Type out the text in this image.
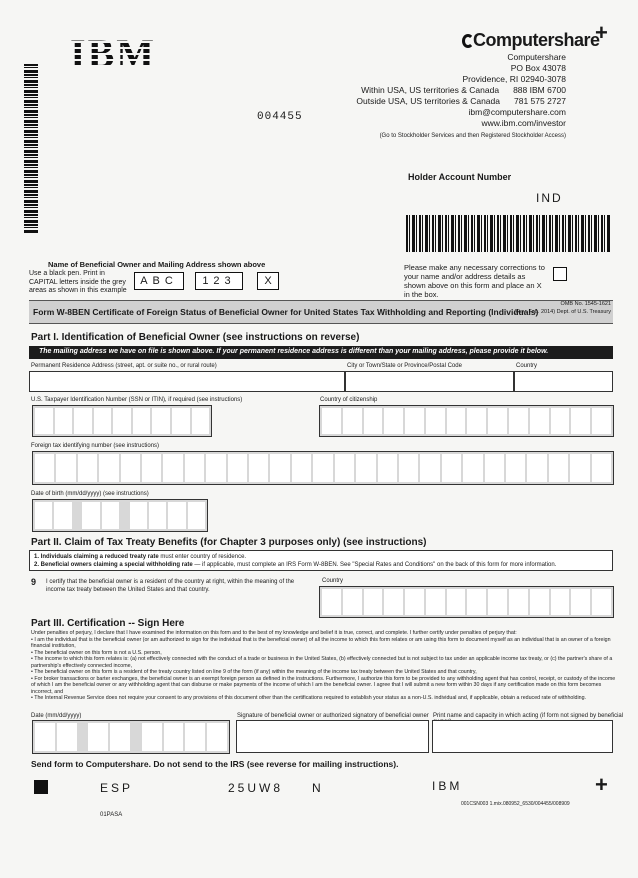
IBM	Computershare
+
Computershare
PO Box 43078
Providence, RI 02940-3078
Within USA, US territories & Canada 888 IBM 6700
Outside USA, US territories & Canada 781 575 2727
ibm@computershare.com
www.ibm.com/investor
(Go to Stockholder Services and then Registered Stockholder Access)
004455
Holder Account Number
IND
Name of Beneficial Owner and Mailing Address shown above
Use a black pen. Print in CAPITAL letters inside the grey areas as shown in this example
ABC	123	X
Please make any necessary corrections to your name and/or address details as shown above on this form and place an X in the box.
Form W-8BEN Certificate of Foreign Status of Beneficial Owner for United States Tax Withholding and Reporting (Individuals)
OMB No. 1545-1621
(Rev. Feb. 2014) Dept. of U.S. Treasury
Part I. Identification of Beneficial Owner (see instructions on reverse)
The mailing address we have on file is shown above. If your permanent residence address is different than your mailing address, please provide it below.
Permanent Residence Address (street, apt. or suite no., or rural route)	City or Town/State or Province/Postal Code	Country
U.S. Taxpayer Identification Number (SSN or ITIN), if required (see instructions)	Country of citizenship
Foreign tax identifying number (see instructions)
Date of birth (mm/dd/yyyy) (see instructions)
Part II. Claim of Tax Treaty Benefits (for Chapter 3 purposes only) (see instructions)
1. Individuals claiming a reduced treaty rate must enter country of residence.
2. Beneficial owners claiming a special withholding rate — if applicable, must complete an IRS Form W-8BEN. See "Special Rates and Conditions" on the back of this form for more information.
9 I certify that the beneficial owner is a resident of the country at right, within the meaning of the income tax treaty between the United States and that country.
Country
Part III. Certification -- Sign Here
Under penalties of perjury, I declare that I have examined the information on this form and to the best of my knowledge and belief it is true, correct, and complete. I further certify under penalties of perjury that:
• I am the individual that is the beneficial owner (or am authorized to sign for the individual that is the beneficial owner) of all the income to which this form relates or am using this form to document myself as an individual that is an owner of a foreign financial institution,
• The beneficial owner on this form is not a U.S. person,
• The income to which this form relates is: (a) not effectively connected with the conduct of a trade or business in the United States, (b) effectively connected but is not subject to tax under an applicable income tax treaty, or (c) the partner's share of a partnership's effectively connected income,
• The beneficial owner on this form is a resident of the treaty country listed on line 9 of the form (if any) within the meaning of the income tax treaty between the United States and that country,
• For broker transactions or barter exchanges, the beneficial owner is an exempt foreign person as defined in the instructions. Furthermore, I authorize this form to be provided to any withholding agent that has control, receipt, or custody of the income of which I am the beneficial owner or any withholding agent that can disburse or make payments of the income of which I am the beneficial owner. I agree that I will submit a new form within 30 days if any certification made on this form becomes incorrect, and
• The Internal Revenue Service does not require your consent to any provisions of this document other than the certifications required to establish your status as a non-U.S. individual and, if applicable, obtain a reduced rate of withholding.
Date (mm/dd/yyyy)	Signature of beneficial owner or authorized signatory of beneficial owner Print name and capacity in which acting (if form not signed by beneficial
Send form to Computershare. Do not send to the IRS (see reverse for mailing instructions).
ESP	25UW8 N	IBM	+
001CSN003 1.mix.080952_6530/004455/008909
01PASA
